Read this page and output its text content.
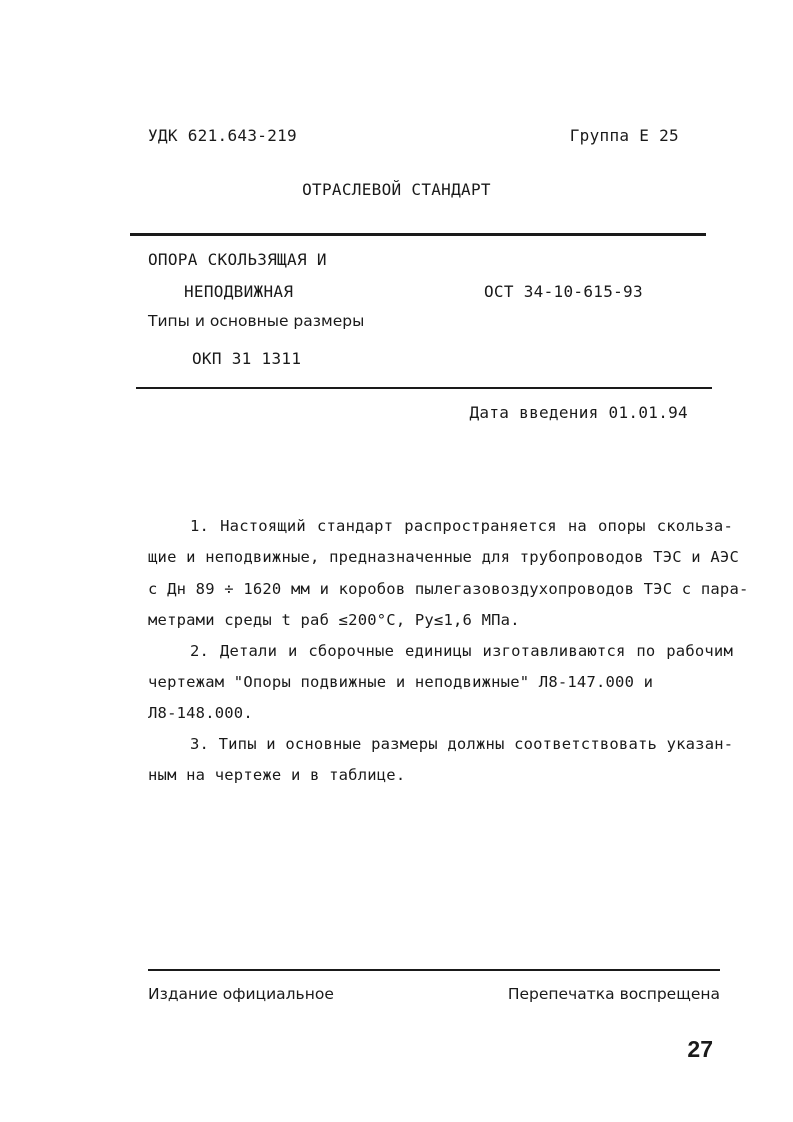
УДК 621.643-219	Группа Е 25
ОТРАСЛЕВОЙ СТАНДАРТ
ОПОРА СКОЛЬЗЯЩАЯ И
НЕПОДВИЖНАЯ	ОСТ 34-10-615-93
Типы и основные размеры
ОКП 31 1311
Дата введения 01.01.94
1. Настоящий стандарт распространяется на опоры скольза-
щие и неподвижные, предназначенные для трубопроводов ТЭС и АЭС
с Дн 89 ÷ 1620 мм и коробов пылегазовоздухопроводов ТЭС с пара-
метрами среды t раб ≤200°С, Ру≤1,6 МПа.
2. Детали и сборочные единицы изготавливаются по рабочим
чертежам "Опоры подвижные и неподвижные" Л8-147.000 и
Л8-148.000.
3. Типы и основные размеры должны соответствовать указан-
ным на чертеже и в таблице.
Издание официальное	Перепечатка воспрещена
27
